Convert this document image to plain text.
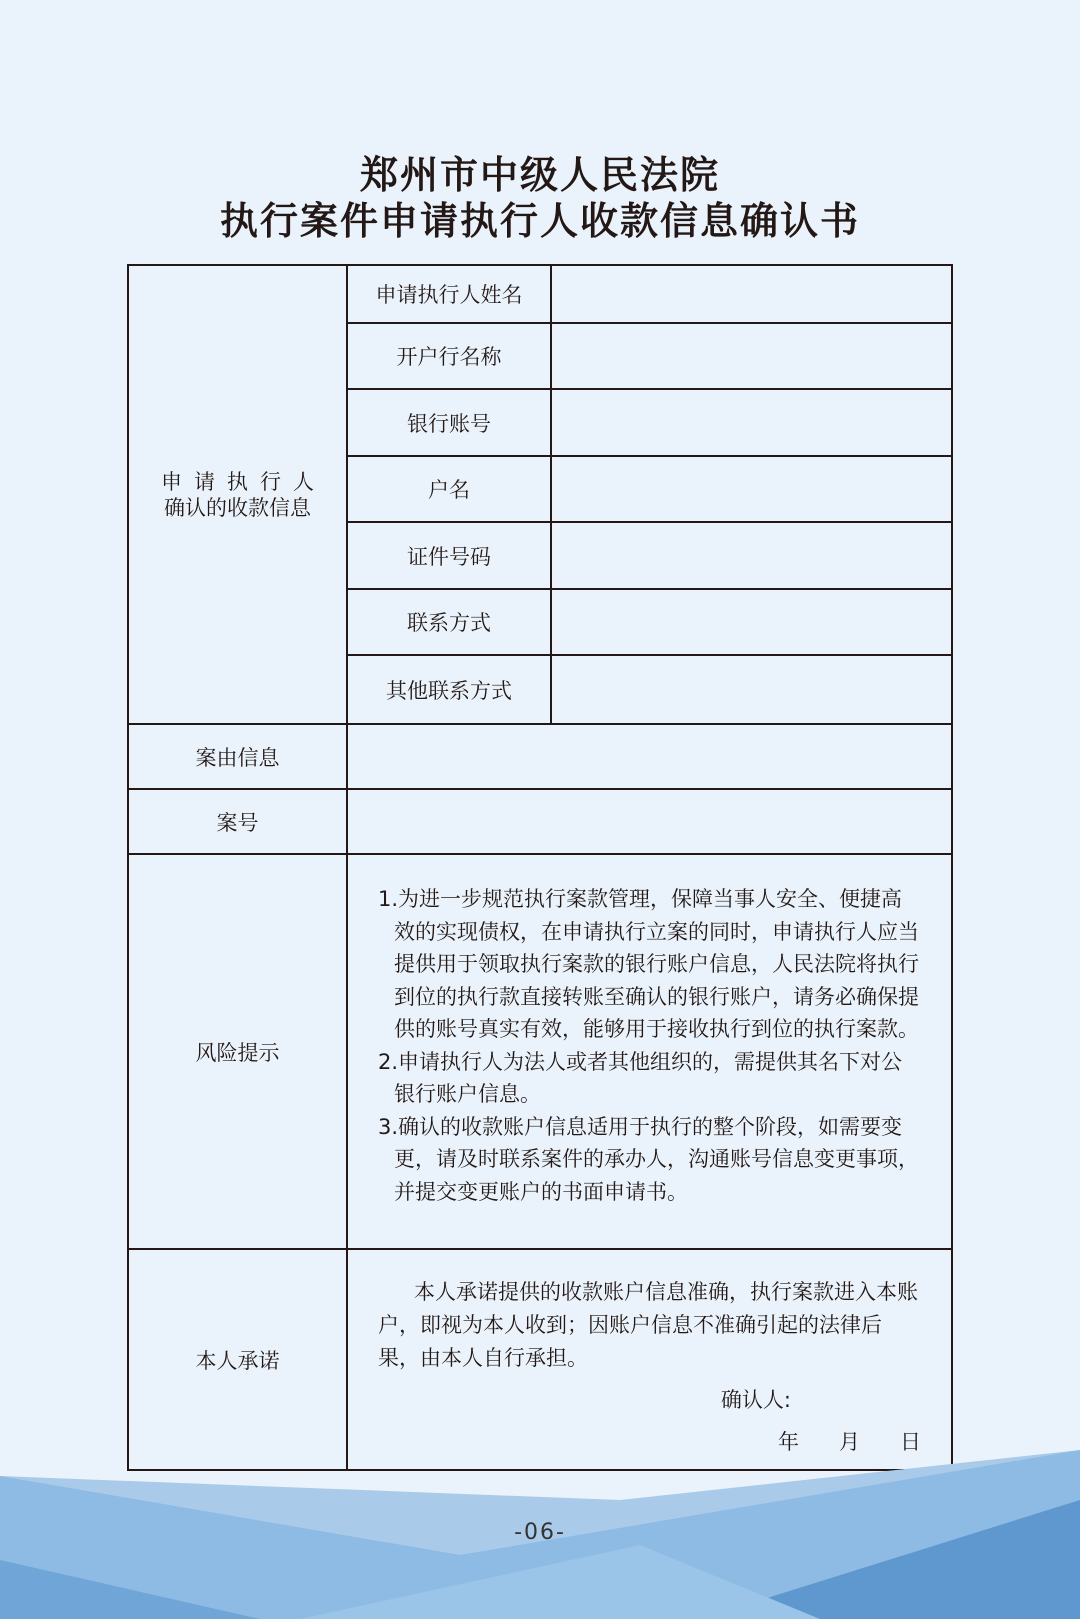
郑州市中级人民法院
执行案件申请执行人收款信息确认书
申请执行人
确认的收款信息	申请执行人姓名	
	开户行名称	
	银行账号	
	户名	
	证件号码	
	联系方式	
	其他联系方式	
案由信息		
案号		
风险提示	1.为进一步规范执行案款管理，保障当事人安全、便捷高效的实现债权，在申请执行立案的同时，申请执行人应当提供用于领取执行案款的银行账户信息，人民法院将执行到位的执行款直接转账至确认的银行账户，请务必确保提供的账号真实有效，能够用于接收执行到位的执行案款。

2.申请执行人为法人或者其他组织的，需提供其名下对公银行账户信息。

3.确认的收款账户信息适用于执行的整个阶段，如需要变更，请及时联系案件的承办人，沟通账号信息变更事项，并提交变更账户的书面申请书。	

本人承诺	本人承诺提供的收款账户信息准确，执行案款进入本账户，即视为本人收到；因账户信息不准确引起的法律后果，由本人自行承担。

确认人:
年 月 日	
-06-
